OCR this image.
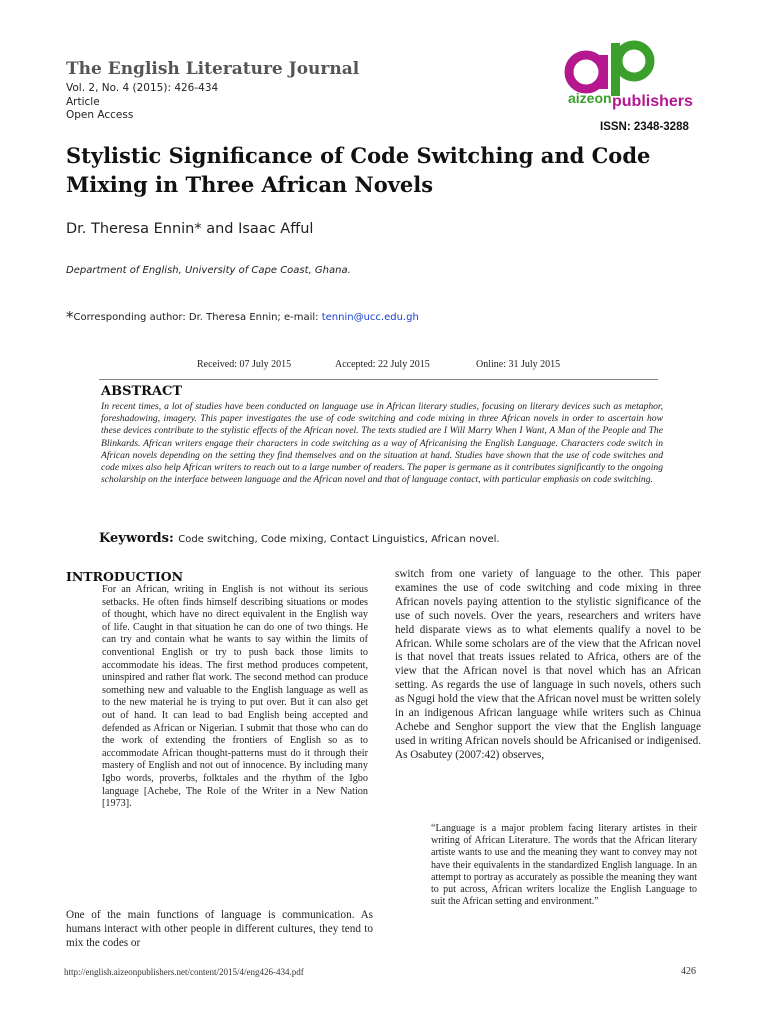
The English Literature Journal
Vol. 2, No. 4 (2015): 426-434
Article
Open Access
aizeon publishers
ISSN: 2348-3288
Stylistic Significance of Code Switching and Code Mixing in Three African Novels
Dr. Theresa Ennin* and Isaac Afful
Department of English, University of Cape Coast, Ghana.
*Corresponding author: Dr. Theresa Ennin; e-mail: tennin@ucc.edu.gh
Received: 07 July 2015	Accepted: 22 July 2015	Online: 31 July 2015
ABSTRACT
In recent times, a lot of studies have been conducted on language use in African literary studies, focusing on literary devices such as metaphor, foreshadowing, imagery. This paper investigates the use of code switching and code mixing in three African novels in order to ascertain how these devices contribute to the stylistic effects of the African novel. The texts studied are I Will Marry When I Want, A Man of the People and The Blinkards. African writers engage their characters in code switching as a way of Africanising the English Language. Characters code switch in African novels depending on the setting they find themselves and on the situation at hand. Studies have shown that the use of code switches and code mixes also help African writers to reach out to a large number of readers. The paper is germane as it contributes significantly to the ongoing scholarship on the interface between language and the African novel and that of language contact, with particular emphasis on code switching.
Keywords: Code switching, Code mixing, Contact Linguistics, African novel.
INTRODUCTION
For an African, writing in English is not without its serious setbacks. He often finds himself describing situations or modes of thought, which have no direct equivalent in the English way of life. Caught in that situation he can do one of two things. He can try and contain what he wants to say within the limits of conventional English or try to push back those limits to accommodate his ideas. The first method produces competent, uninspired and rather flat work. The second method can produce something new and valuable to the English language as well as to the new material he is trying to put over. But it can also get out of hand. It can lead to bad English being accepted and defended as African or Nigerian. I submit that those who can do the work of extending the frontiers of English so as to accommodate African thought-patterns must do it through their mastery of English and not out of innocence. By including many Igbo words, proverbs, folktales and the rhythm of the Igbo language [Achebe, The Role of the Writer in a New Nation [1973].
One of the main functions of language is communication. As humans interact with other people in different cultures, they tend to mix the codes or
switch from one variety of language to the other. This paper examines the use of code switching and code mixing in three African novels paying attention to the stylistic significance of the use of such novels. Over the years, researchers and writers have held disparate views as to what elements qualify a novel to be African. While some scholars are of the view that the African novel is that novel that treats issues related to Africa, others are of the view that the African novel is that novel which has an African setting. As regards the use of language in such novels, others such as Ngugi hold the view that the African novel must be written solely in an indigenous African language while writers such as Chinua Achebe and Senghor support the view that the English language used in writing African novels should be Africanised or indigenised. As Osabutey (2007:42) observes,
“Language is a major problem facing literary artistes in their writing of African Literature. The words that the African literary artiste wants to use and the meaning they want to convey may not have their equivalents in the standardized English language. In an attempt to portray as accurately as possible the meaning they want to put across, African writers localize the English Language to suit the African setting and environment.”
http://english.aizeonpublishers.net/content/2015/4/eng426-434.pdf	426
